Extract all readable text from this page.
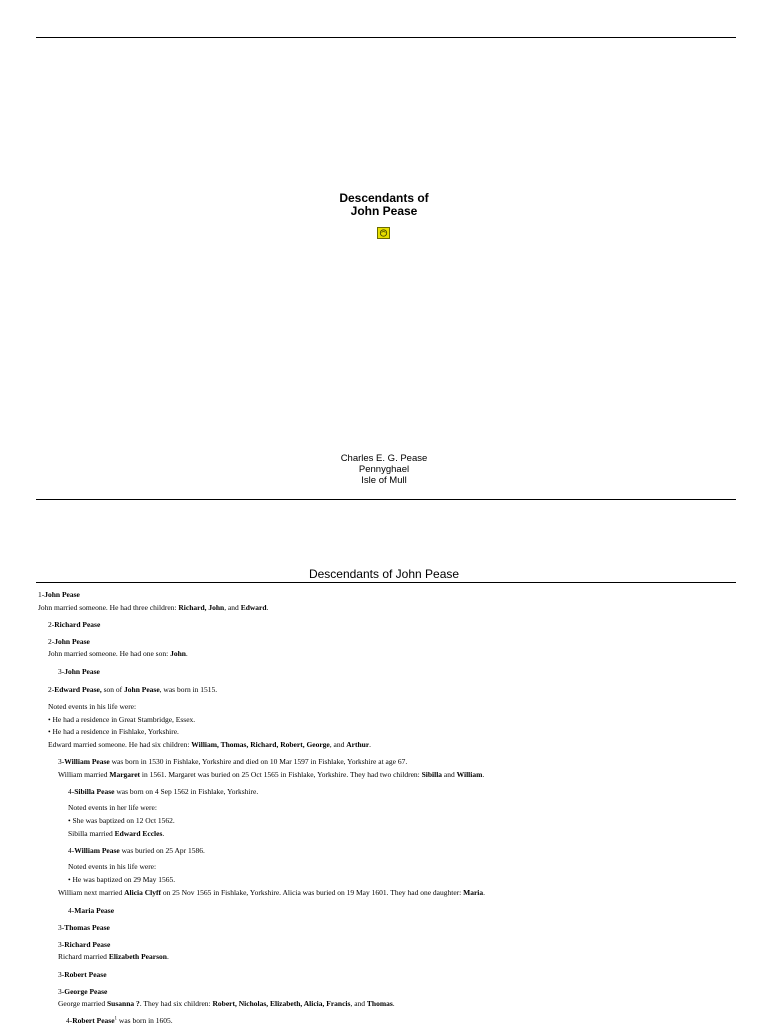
Descendants of
John Pease
Charles E. G. Pease
Pennyghael
Isle of Mull
Descendants of John Pease
1-John Pease
John married someone. He had three children: Richard, John, and Edward.
2-Richard Pease
2-John Pease
John married someone. He had one son: John.
3-John Pease
2-Edward Pease, son of John Pease, was born in 1515.
Noted events in his life were:
• He had a residence in Great Stambridge, Essex.
• He had a residence in Fishlake, Yorkshire.
Edward married someone. He had six children: William, Thomas, Richard, Robert, George, and Arthur.
3-William Pease was born in 1530 in Fishlake, Yorkshire and died on 10 Mar 1597 in Fishlake, Yorkshire at age 67.
William married Margaret in 1561. Margaret was buried on 25 Oct 1565 in Fishlake, Yorkshire. They had two children: Sibilla and William.
4-Sibilla Pease was born on 4 Sep 1562 in Fishlake, Yorkshire.
Noted events in her life were:
• She was baptized on 12 Oct 1562.
Sibilla married Edward Eccles.
4-William Pease was buried on 25 Apr 1586.
Noted events in his life were:
• He was baptized on 29 May 1565.
William next married Alicia Clyff on 25 Nov 1565 in Fishlake, Yorkshire. Alicia was buried on 19 May 1601. They had one daughter: Maria.
4-Maria Pease
3-Thomas Pease
3-Richard Pease
Richard married Elizabeth Pearson.
3-Robert Pease
3-George Pease
George married Susanna ?. They had six children: Robert, Nicholas, Elizabeth, Alicia, Francis, and Thomas.
4-Robert Pease$^1$ was born in 1605.
